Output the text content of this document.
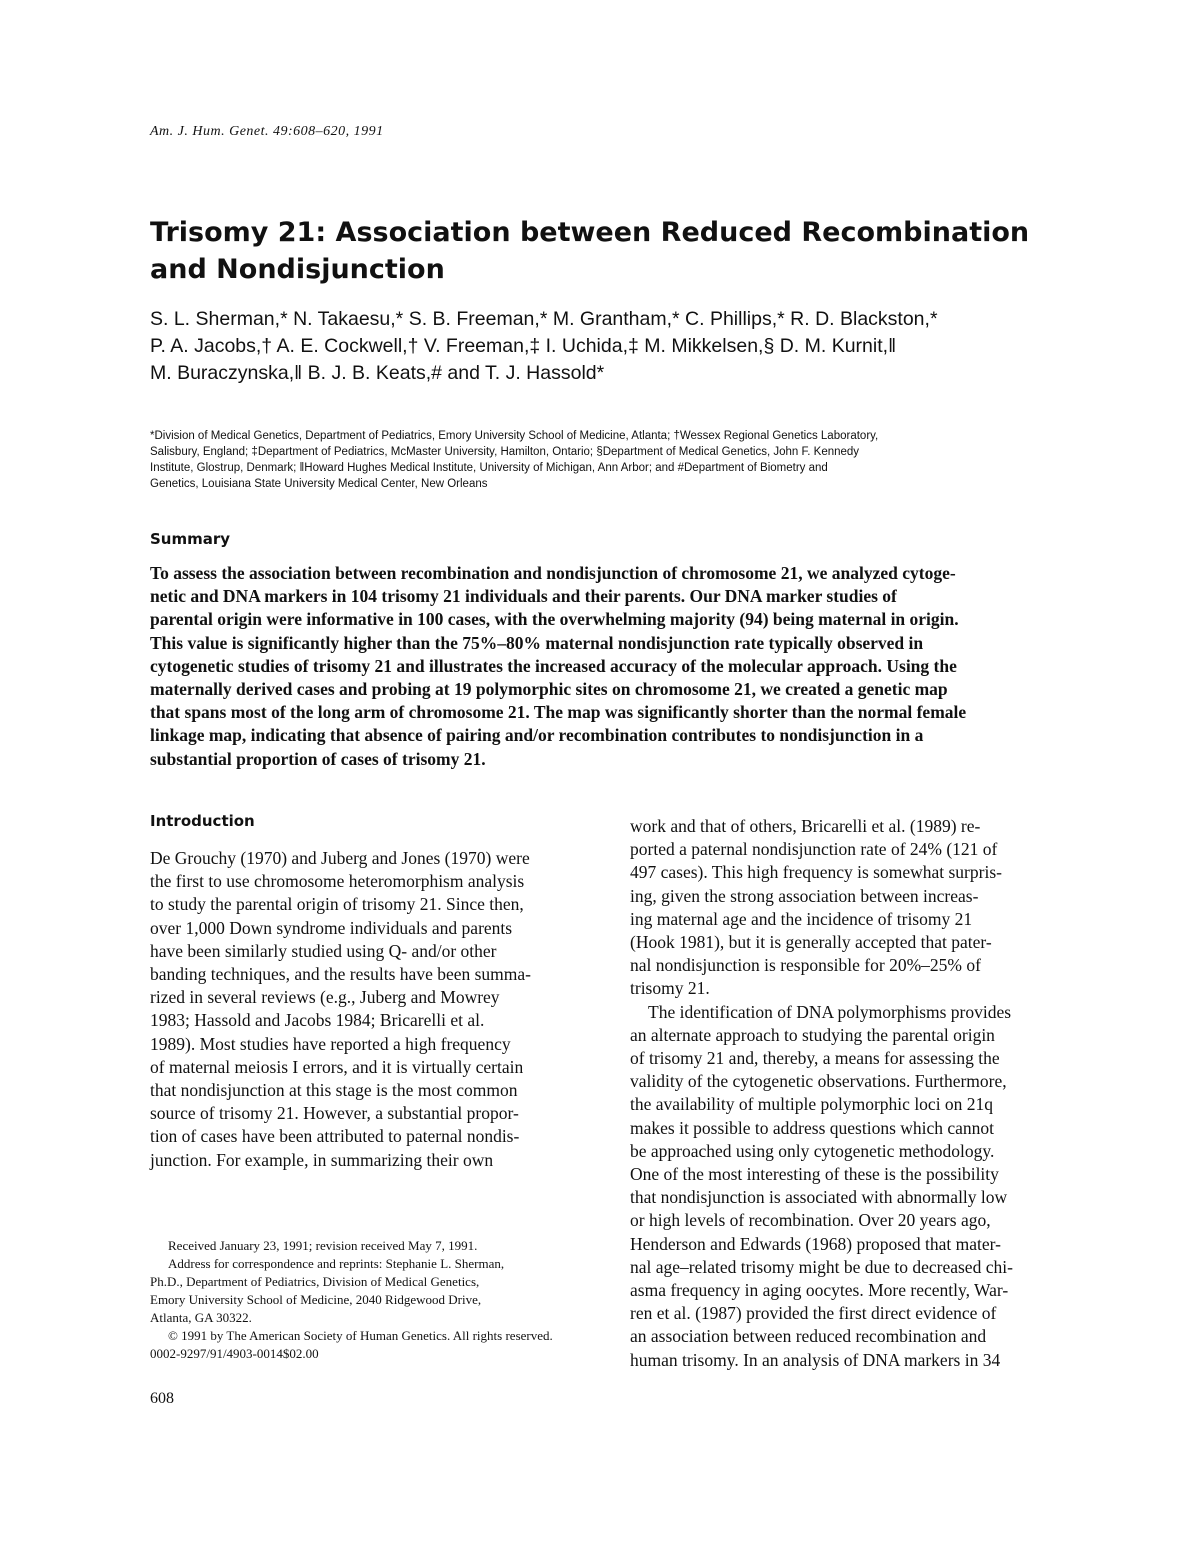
Am. J. Hum. Genet. 49:608–620, 1991
Trisomy 21: Association between Reduced Recombination
and Nondisjunction
S. L. Sherman,* N. Takaesu,* S. B. Freeman,* M. Grantham,* C. Phillips,* R. D. Blackston,*
P. A. Jacobs,† A. E. Cockwell,† V. Freeman,‡ I. Uchida,‡ M. Mikkelsen,§ D. M. Kurnit,‖
M. Buraczynska,‖ B. J. B. Keats,# and T. J. Hassold*
*Division of Medical Genetics, Department of Pediatrics, Emory University School of Medicine, Atlanta; †Wessex Regional Genetics Laboratory,
Salisbury, England; ‡Department of Pediatrics, McMaster University, Hamilton, Ontario; §Department of Medical Genetics, John F. Kennedy
Institute, Glostrup, Denmark; ‖Howard Hughes Medical Institute, University of Michigan, Ann Arbor; and #Department of Biometry and
Genetics, Louisiana State University Medical Center, New Orleans
Summary
To assess the association between recombination and nondisjunction of chromosome 21, we analyzed cytoge-
netic and DNA markers in 104 trisomy 21 individuals and their parents. Our DNA marker studies of
parental origin were informative in 100 cases, with the overwhelming majority (94) being maternal in origin.
This value is significantly higher than the 75%–80% maternal nondisjunction rate typically observed in
cytogenetic studies of trisomy 21 and illustrates the increased accuracy of the molecular approach. Using the
maternally derived cases and probing at 19 polymorphic sites on chromosome 21, we created a genetic map
that spans most of the long arm of chromosome 21. The map was significantly shorter than the normal female
linkage map, indicating that absence of pairing and/or recombination contributes to nondisjunction in a
substantial proportion of cases of trisomy 21.
Introduction
De Grouchy (1970) and Juberg and Jones (1970) were
the first to use chromosome heteromorphism analysis
to study the parental origin of trisomy 21. Since then,
over 1,000 Down syndrome individuals and parents
have been similarly studied using Q- and/or other
banding techniques, and the results have been summa-
rized in several reviews (e.g., Juberg and Mowrey
1983; Hassold and Jacobs 1984; Bricarelli et al.
1989). Most studies have reported a high frequency
of maternal meiosis I errors, and it is virtually certain
that nondisjunction at this stage is the most common
source of trisomy 21. However, a substantial propor-
tion of cases have been attributed to paternal nondis-
junction. For example, in summarizing their own
work and that of others, Bricarelli et al. (1989) re-
ported a paternal nondisjunction rate of 24% (121 of
497 cases). This high frequency is somewhat surpris-
ing, given the strong association between increas-
ing maternal age and the incidence of trisomy 21
(Hook 1981), but it is generally accepted that pater-
nal nondisjunction is responsible for 20%–25% of
trisomy 21.
The identification of DNA polymorphisms provides
an alternate approach to studying the parental origin
of trisomy 21 and, thereby, a means for assessing the
validity of the cytogenetic observations. Furthermore,
the availability of multiple polymorphic loci on 21q
makes it possible to address questions which cannot
be approached using only cytogenetic methodology.
One of the most interesting of these is the possibility
that nondisjunction is associated with abnormally low
or high levels of recombination. Over 20 years ago,
Henderson and Edwards (1968) proposed that mater-
nal age–related trisomy might be due to decreased chi-
asma frequency in aging oocytes. More recently, War-
ren et al. (1987) provided the first direct evidence of
an association between reduced recombination and
human trisomy. In an analysis of DNA markers in 34
Received January 23, 1991; revision received May 7, 1991.
Address for correspondence and reprints: Stephanie L. Sherman,
Ph.D., Department of Pediatrics, Division of Medical Genetics,
Emory University School of Medicine, 2040 Ridgewood Drive,
Atlanta, GA 30322.
© 1991 by The American Society of Human Genetics. All rights reserved.
0002-9297/91/4903-0014$02.00
608
